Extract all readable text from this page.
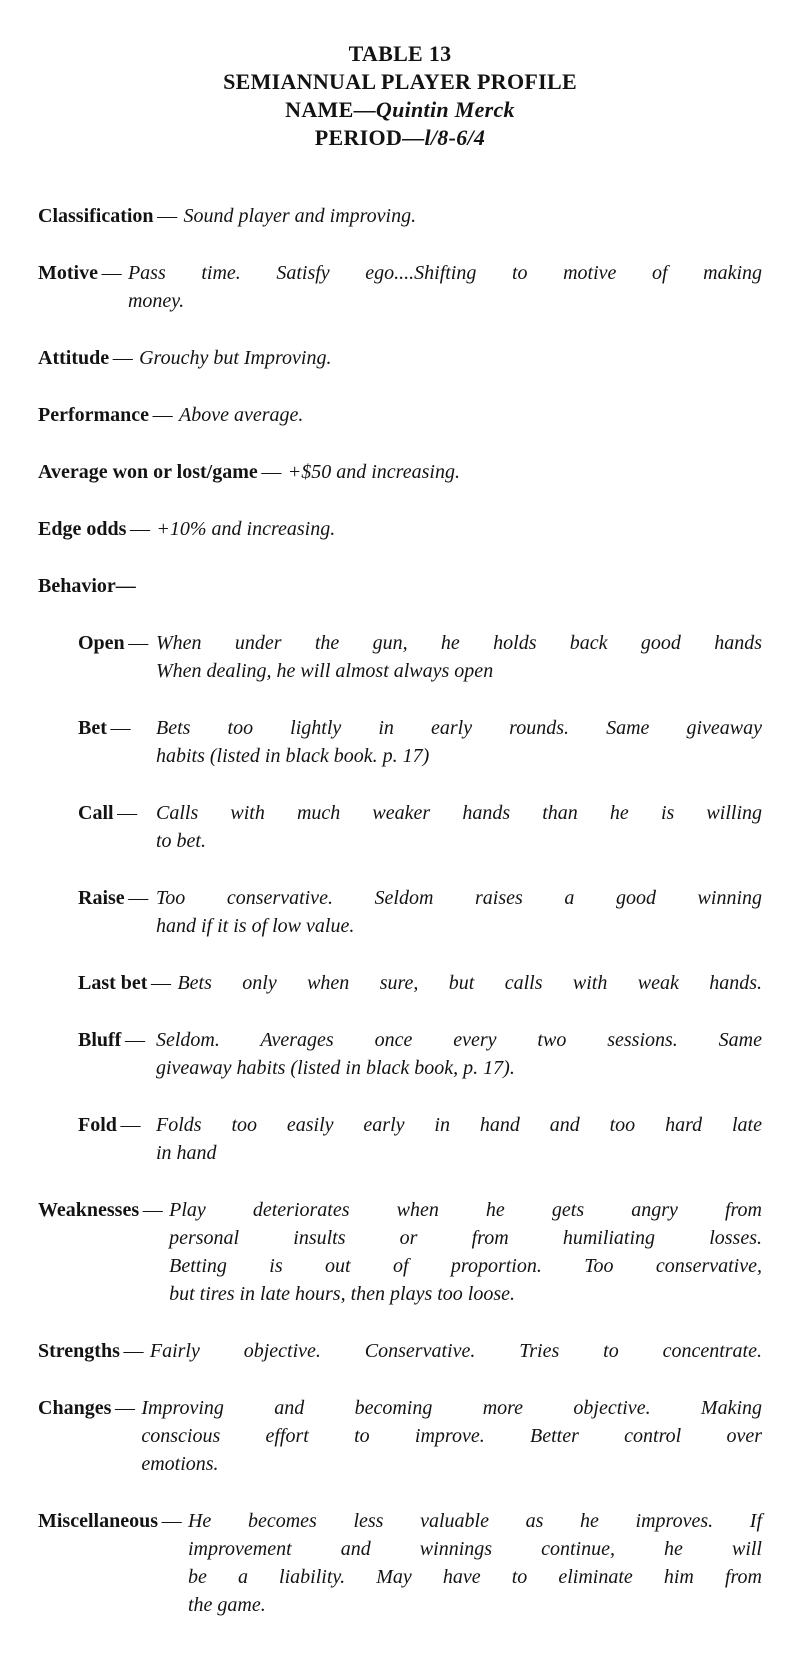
TABLE 13
SEMIANNUAL PLAYER PROFILE
NAME—Quintin Merck
PERIOD—l/8-6/4
Classification — Sound player and improving.
Motive — Pass time. Satisfy ego....Shifting to motive of making
money.
Attitude — Grouchy but Improving.
Performance — Above average.
Average won or lost/game — +$50 and increasing.
Edge odds — +10% and increasing.
Behavior—
Open — When under the gun, he holds back good hands
When dealing, he will almost always open
Bet —	Bets too lightly in early rounds. Same giveaway
habits (listed in black book. p. 17)
Call — Calls with much weaker hands than he is willing
to bet.
Raise — Too conservative. Seldom raises a good winning
hand if it is of low value.
Last bet — Bets only when sure, but calls with weak hands.
Bluff — Seldom. Averages once every two sessions. Same
giveaway habits (listed in black book, p. 17).
Fold — Folds too easily early in hand and too hard late
in hand
Weaknesses — Play deteriorates when he gets angry from
personal insults or from humiliating losses.
Betting is out of proportion. Too conservative,
but tires in late hours, then plays too loose.
Strengths — Fairly objective. Conservative. Tries to concentrate.
Changes — Improving and becoming more objective. Making
conscious effort to improve. Better control over
emotions.
Miscellaneous — He becomes less valuable as he improves. If
improvement and winnings continue, he will
be a liability. May have to eliminate him from
the game.
